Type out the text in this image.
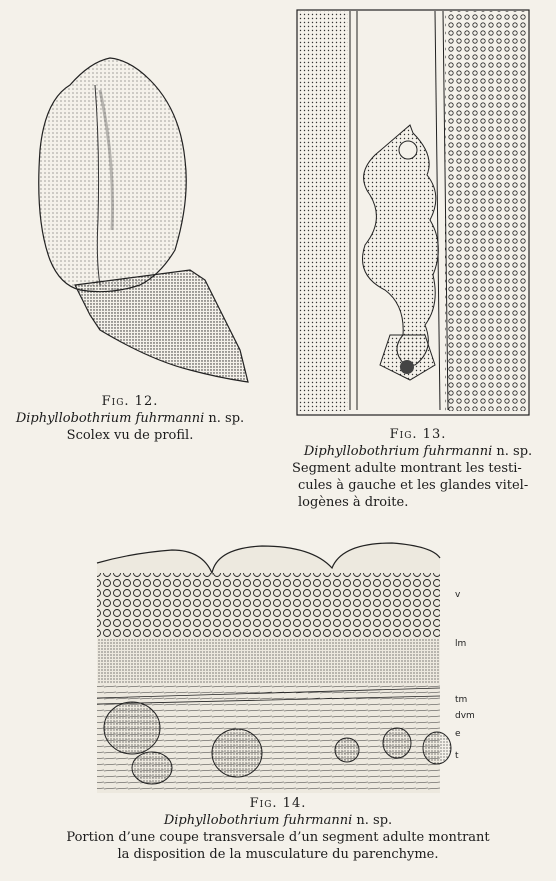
Fig. 12.
Diphyllobothrium fuhrmanni n. sp.
Scolex vu de profil.	Fig. 13.
Diphyllobothrium fuhrmanni n. sp.
Segment adulte montrant les testi-
cules à gauche et les glandes vitel-
logènes à droite.
v
lm
tm
dvm
e
t
Fig. 14.
Diphyllobothrium fuhrmanni n. sp.
Portion d’une coupe transversale d’un segment adulte montrant
la disposition de la musculature du parenchyme.
